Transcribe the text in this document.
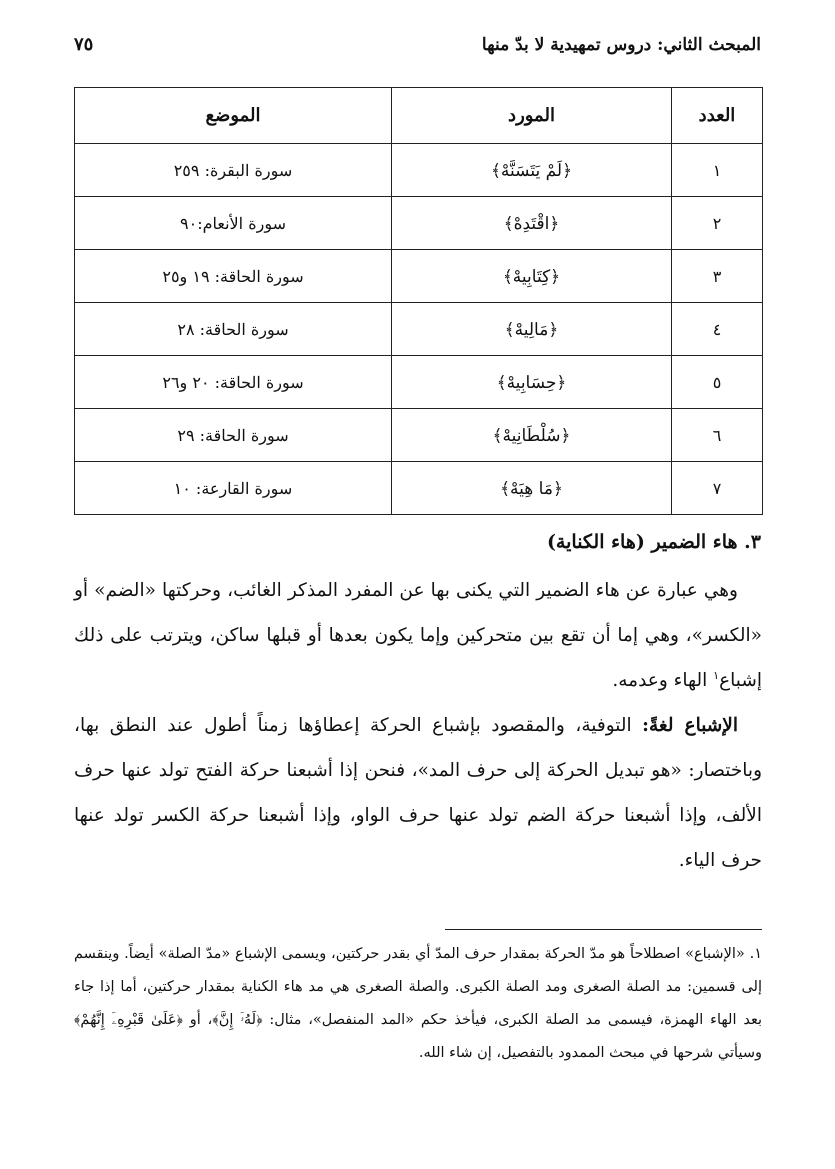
المبحث الثاني: دروس تمهيدية لا بدّ منها
٧٥
العدد	المورد	الموضع
١	﴿لَمْ يَتَسَنَّهْ﴾	سورة البقرة: ٢٥٩
٢	﴿اقْتَدِهْ﴾	سورة الأنعام:٩٠
٣	﴿كِتَابِيهْ﴾	سورة الحاقة: ١٩ و٢٥
٤	﴿مَالِيهْ﴾	سورة الحاقة: ٢٨
٥	﴿حِسَابِيهْ﴾	سورة الحاقة: ٢٠ و٢٦
٦	﴿سُلْطَانِيهْ﴾	سورة الحاقة: ٢٩
٧	﴿مَا هِيَهْ﴾	سورة القارعة: ١٠
٣. هاء الضمير (هاء الكناية)

وهي عبارة عن هاء الضمير التي يكنى بها عن المفرد المذكر الغائب، وحركتها «الضم» أو «الكسر»، وهي إما أن تقع بين متحركين وإما يكون بعدها أو قبلها ساكن، ويترتب على ذلك إشباع$^١$ الهاء وعدمه.

الإشباع لغةً: التوفية، والمقصود بإشباع الحركة إعطاؤها زمناً أطول عند النطق بها، وباختصار: «هو تبديل الحركة إلى حرف المد»، فنحن إذا أشبعنا حركة الفتح تولد عنها حرف الألف، وإذا أشبعنا حركة الضم تولد عنها حرف الواو، وإذا أشبعنا حركة الكسر تولد عنها حرف الياء.

١. «الإشباع» اصطلاحاً هو مدّ الحركة بمقدار حرف المدّ أي بقدر حركتين، ويسمى الإشباع «مدّ الصلة» أيضاً. وينقسم إلى قسمين: مد الصلة الصغرى ومد الصلة الكبرى. والصلة الصغرى هي مد هاء الكناية بمقدار حركتين، أما إذا جاء بعد الهاء الهمزة، فيسمى مد الصلة الكبرى، فيأخذ حكم «المد المنفصل»، مثال: ﴿لَهُۥٓ إِنَّ﴾، أو ﴿عَلَىٰ قَبْرِهِۦٓ إِنَّهُمْ﴾ وسيأتي شرحها في مبحث الممدود بالتفصيل، إن شاء الله.
